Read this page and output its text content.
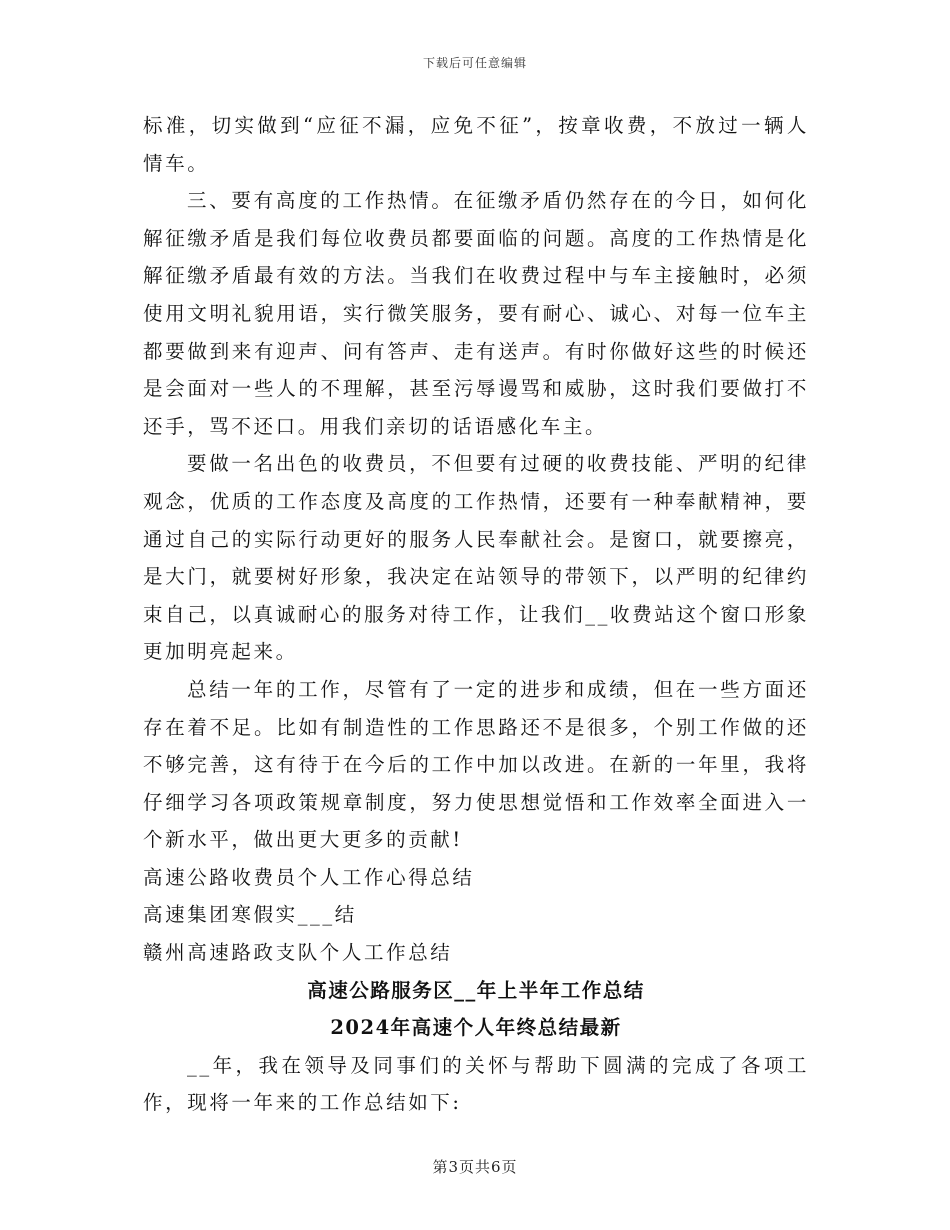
下载后可任意编辑

标准，切实做到“应征不漏，应免不征”，按章收费，不放过一辆人情车。

三、要有高度的工作热情。在征缴矛盾仍然存在的今日，如何化解征缴矛盾是我们每位收费员都要面临的问题。高度的工作热情是化解征缴矛盾最有效的方法。当我们在收费过程中与车主接触时，必须使用文明礼貌用语，实行微笑服务，要有耐心、诚心、对每一位车主都要做到来有迎声、问有答声、走有送声。有时你做好这些的时候还是会面对一些人的不理解，甚至污辱谩骂和威胁，这时我们要做打不还手，骂不还口。用我们亲切的话语感化车主。

要做一名出色的收费员，不但要有过硬的收费技能、严明的纪律观念，优质的工作态度及高度的工作热情，还要有一种奉献精神，要通过自己的实际行动更好的服务人民奉献社会。是窗口，就要擦亮，是大门，就要树好形象，我决定在站领导的带领下，以严明的纪律约束自己，以真诚耐心的服务对待工作，让我们__收费站这个窗口形象更加明亮起来。

总结一年的工作，尽管有了一定的进步和成绩，但在一些方面还存在着不足。比如有制造性的工作思路还不是很多，个别工作做的还不够完善，这有待于在今后的工作中加以改进。在新的一年里，我将仔细学习各项政策规章制度，努力使思想觉悟和工作效率全面进入一个新水平，做出更大更多的贡献!

高速公路收费员个人工作心得总结

高速集团寒假实___结

赣州高速路政支队个人工作总结

高速公路服务区__年上半年工作总结

2024年高速个人年终总结最新

__年，我在领导及同事们的关怀与帮助下圆满的完成了各项工作，现将一年来的工作总结如下:

第3页共6页
